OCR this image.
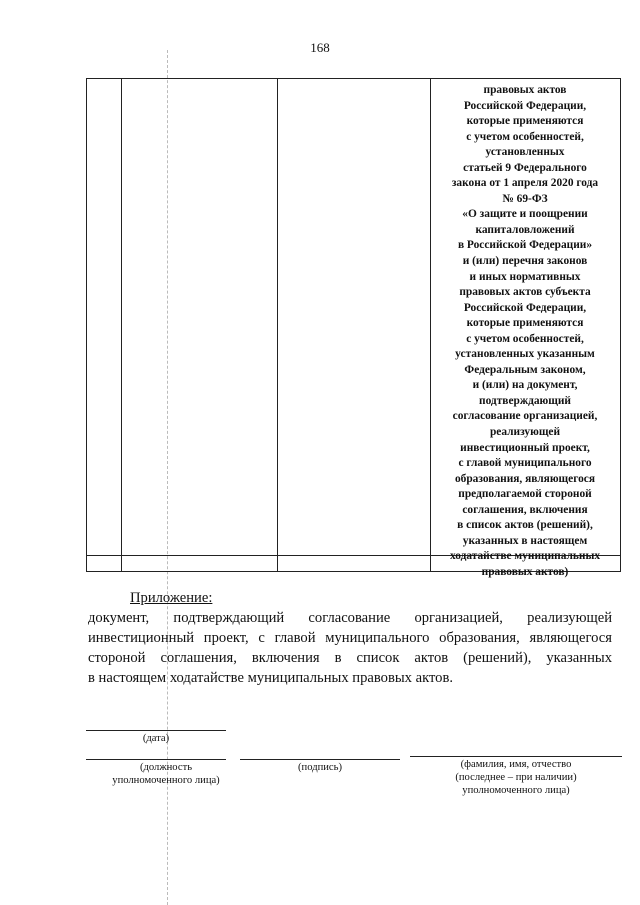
168
правовых актов
Российской Федерации,
которые применяются
с учетом особенностей,
установленных
статьей 9 Федерального
закона от 1 апреля 2020 года
№ 69-ФЗ
«О защите и поощрении
капиталовложений
в Российской Федерации»
и (или) перечня законов
и иных нормативных
правовых актов субъекта
Российской Федерации,
которые применяются
с учетом особенностей,
установленных указанным
Федеральным законом,
и (или) на документ,
подтверждающий
согласование организацией,
реализующей
инвестиционный проект,
с главой муниципального
образования, являющегося
предполагаемой стороной
соглашения, включения
в список актов (решений),
указанных в настоящем
ходатайстве муниципальных
правовых актов)
Приложение:
документ, подтверждающий согласование организацией, реализующей
инвестиционный проект, с главой муниципального образования, являющегося
стороной соглашения, включения в список актов (решений), указанных
в настоящем ходатайстве муниципальных правовых актов.
(дата)
(должность
уполномоченного лица)
(подпись)	(фамилия, имя, отчество
(последнее – при наличии)
уполномоченного лица)
